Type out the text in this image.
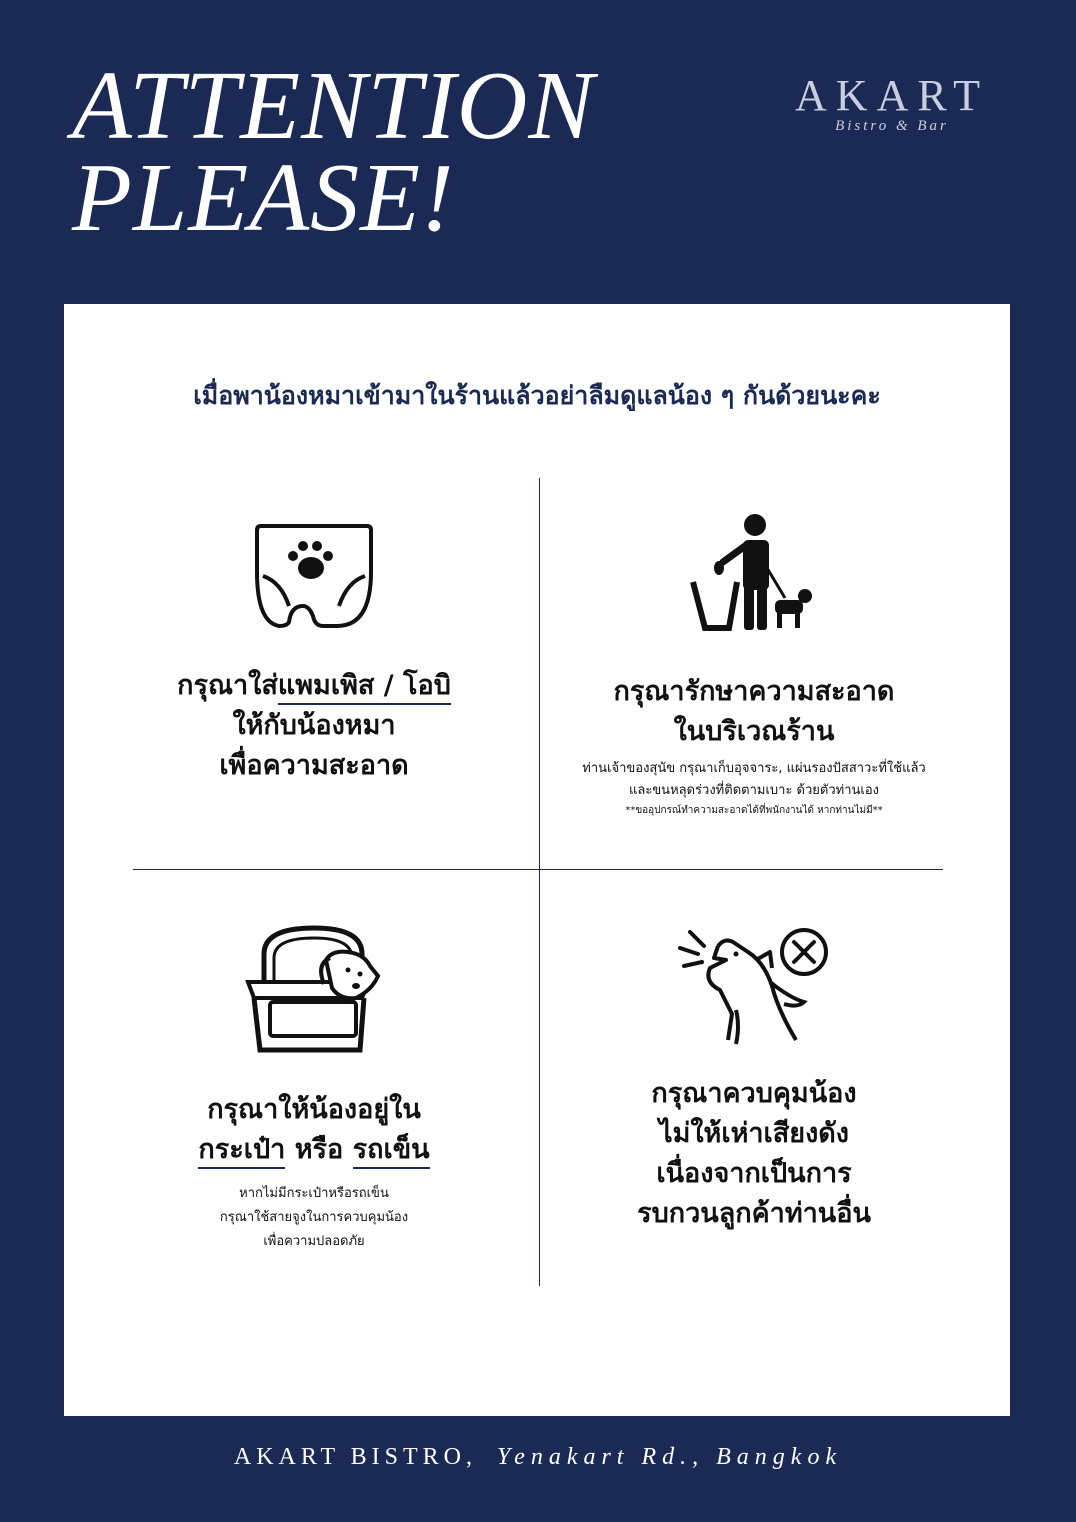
ATTENTION
PLEASE!
AKART
Bistro & Bar
เมื่อพาน้องหมาเข้ามาในร้านแล้วอย่าลืมดูแลน้อง ๆ กันด้วยนะคะ
กรุณาใส่แพมเพิส / โอบิ
ให้กับน้องหมา
เพื่อความสะอาด
กรุณารักษาความสะอาด
ในบริเวณร้าน
ท่านเจ้าของสุนัข กรุณาเก็บอุจจาระ, แผ่นรองปัสสาวะที่ใช้แล้ว
และขนหลุดร่วงที่ติดตามเบาะ ด้วยตัวท่านเอง
**ขออุปกรณ์ทำความสะอาดได้ที่พนักงานได้ หากท่านไม่มี**
กรุณาให้น้องอยู่ใน
กระเป๋า หรือ รถเข็น
หากไม่มีกระเป๋าหรือรถเข็น
กรุณาใช้สายจูงในการควบคุมน้อง
เพื่อความปลอดภัย
กรุณาควบคุมน้อง
ไม่ให้เห่าเสียงดัง
เนื่องจากเป็นการ
รบกวนลูกค้าท่านอื่น
AKART BISTRO, Yenakart Rd., Bangkok
